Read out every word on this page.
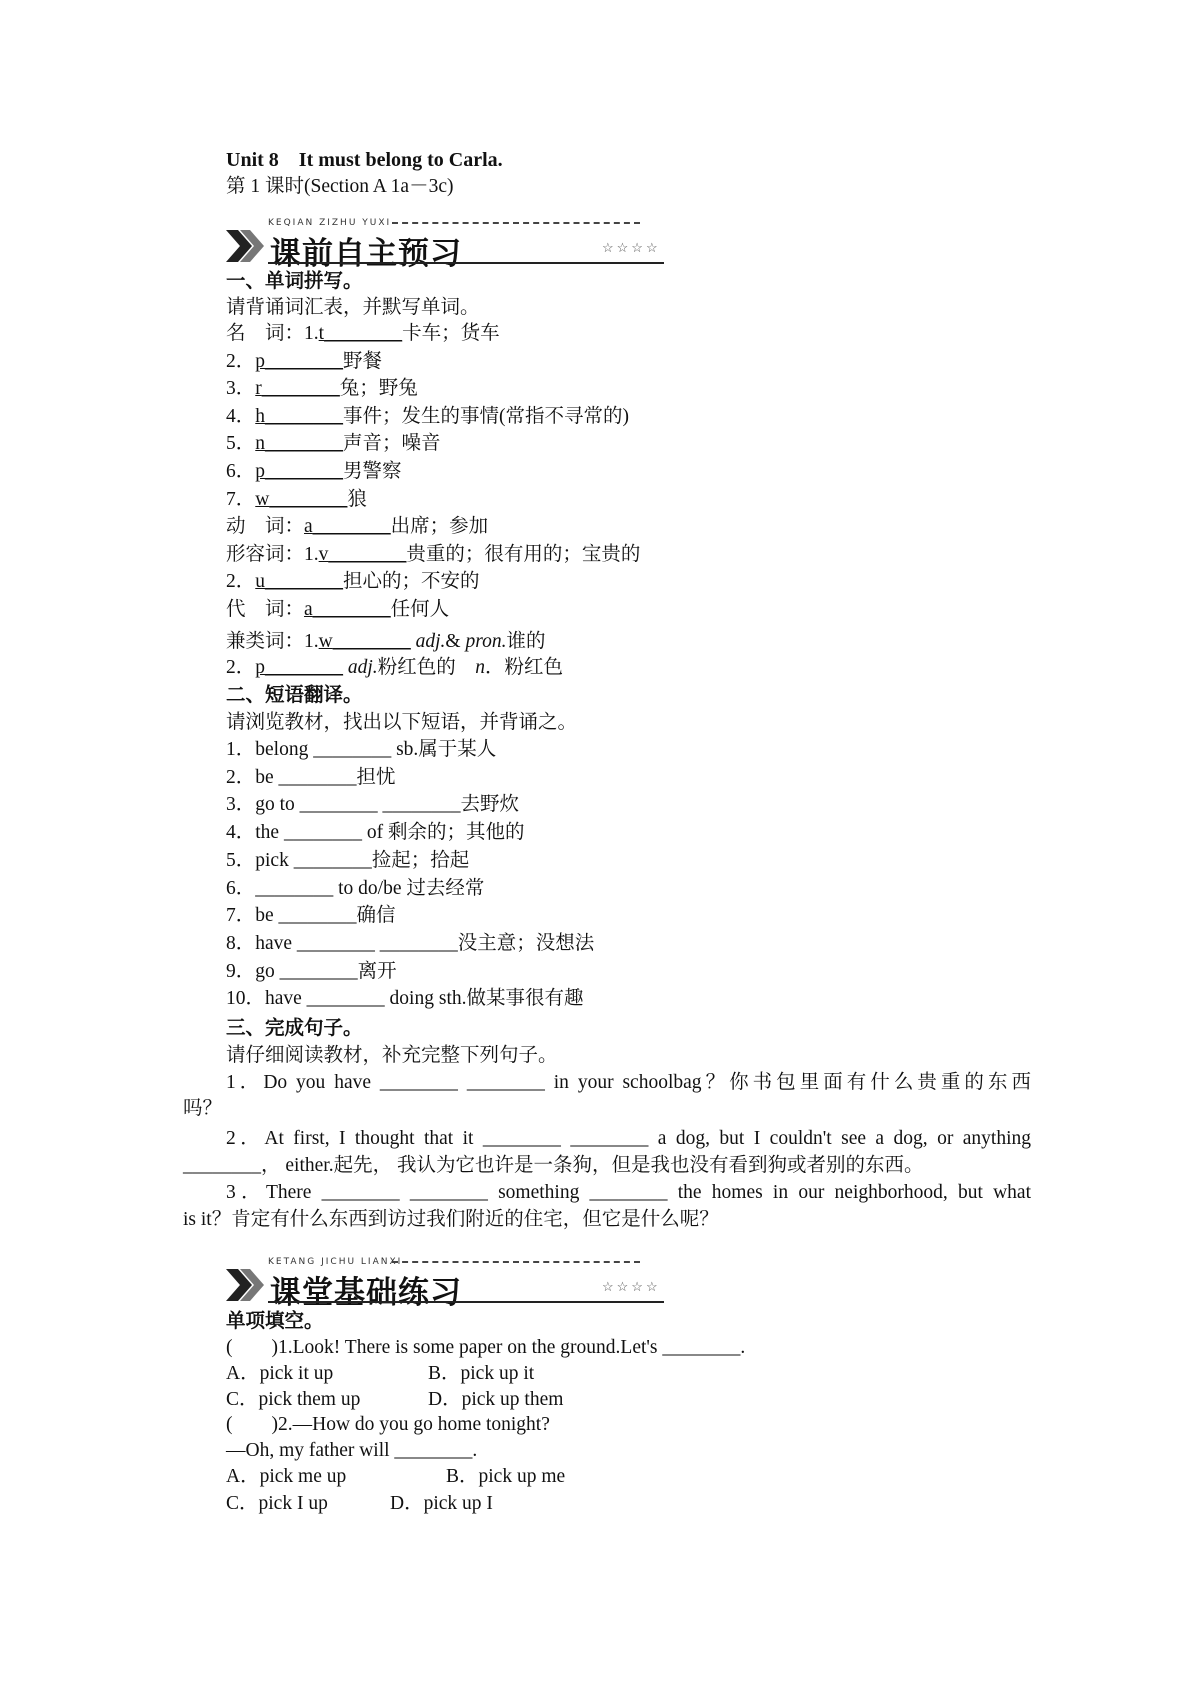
Unit 8　It must belong to Carla.
第 1 课时(Section A 1a－3c)
KEQIAN ZIZHU YUXI
课前自主预习	☆☆☆☆
一、单词拼写。
请背诵词汇表，并默写单词。
名　词：1.t________卡车；货车
2．p________野餐
3．r________兔；野兔
4．h________事件；发生的事情(常指不寻常的)
5．n________声音；噪音
6．p________男警察
7．w________狼
动　词：a________出席；参加
形容词：1.v________贵重的；很有用的；宝贵的
2．u________担心的；不安的
代　词：a________任何人
兼类词：1.w________ adj.& pron.谁的
2．p________ adj.粉红色的　n．粉红色
二、短语翻译。
请浏览教材，找出以下短语，并背诵之。
1．belong ________ sb.属于某人
2．be ________担忧
3．go to ________ ________去野炊
4．the ________ of 剩余的；其他的
5．pick ________捡起；拾起
6．________ to do/be 过去经常
7．be ________确信
8．have ________ ________没主意；没想法
9．go ________离开
10．have ________ doing sth.做某事很有趣
三、完成句子。
请仔细阅读教材，补充完整下列句子。
1．Do you have ________ ________ in your schoolbag？你书包里面有什么贵重的东西
吗？
2．At first, I thought that it ________ ________ a dog, but I couldn't see a dog, or anything
________， either.起先， 我认为它也许是一条狗，但是我也没有看到狗或者别的东西。
3．There ________ ________ something ________ the homes in our neighborhood, but what
is it？肯定有什么东西到访过我们附近的住宅，但它是什么呢？
KETANG JICHU LIANXI
课堂基础练习	☆☆☆☆
单项填空。
(　　)1.Look! There is some paper on the ground.Let's ________.
A．pick it up	B．pick up it
C．pick them up	D．pick up them
(　　)2.—How do you go home tonight?
—Oh, my father will ________.
A．pick me up	B．pick up me
C．pick I up	D．pick up I
